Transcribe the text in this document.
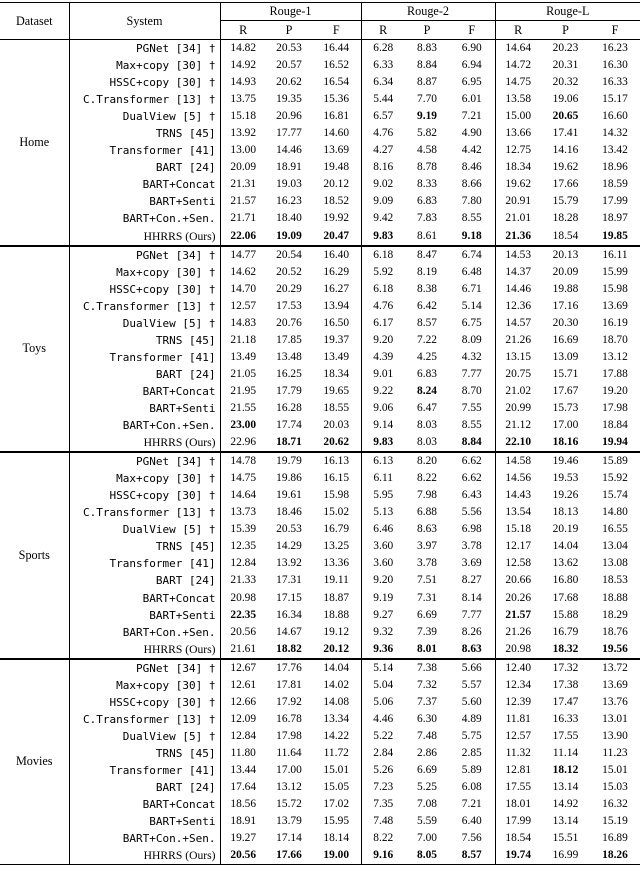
Dataset	System	Rouge-1			Rouge-2			Rouge-L		
		R	P	F	R	P	F	R	P	F
Home	PGNet [34] †	14.82	20.53	16.44	6.28	8.83	6.90	14.64	20.23	16.23
	Max+copy [30] †	14.92	20.57	16.52	6.33	8.84	6.94	14.72	20.31	16.30
	HSSC+copy [30] †	14.93	20.62	16.54	6.34	8.87	6.95	14.75	20.32	16.33
	C.Transformer [13] †	13.75	19.35	15.36	5.44	7.70	6.01	13.58	19.06	15.17
	DualView [5] †	15.18	20.96	16.81	6.57	9.19	7.21	15.00	20.65	16.60
	TRNS [45]	13.92	17.77	14.60	4.76	5.82	4.90	13.66	17.41	14.32
	Transformer [41]	13.00	14.46	13.69	4.27	4.58	4.42	12.75	14.16	13.42
	BART [24]	20.09	18.91	19.48	8.16	8.78	8.46	18.34	19.62	18.96
	BART+Concat	21.31	19.03	20.12	9.02	8.33	8.66	19.62	17.66	18.59
	BART+Senti	21.57	16.23	18.52	9.09	6.83	7.80	20.91	15.79	17.99
	BART+Con.+Sen.	21.71	18.40	19.92	9.42	7.83	8.55	21.01	18.28	18.97
	HHRRS (Ours)	22.06	19.09	20.47	9.83	8.61	9.18	21.36	18.54	19.85
Toys	PGNet [34] †	14.77	20.54	16.40	6.18	8.47	6.74	14.53	20.13	16.11
	Max+copy [30] †	14.62	20.52	16.29	5.92	8.19	6.48	14.37	20.09	15.99
	HSSC+copy [30] †	14.70	20.29	16.27	6.18	8.38	6.71	14.46	19.88	15.98
	C.Transformer [13] †	12.57	17.53	13.94	4.76	6.42	5.14	12.36	17.16	13.69
	DualView [5] †	14.83	20.76	16.50	6.17	8.57	6.75	14.57	20.30	16.19
	TRNS [45]	21.18	17.85	19.37	9.20	7.22	8.09	21.26	16.69	18.70
	Transformer [41]	13.49	13.48	13.49	4.39	4.25	4.32	13.15	13.09	13.12
	BART [24]	21.05	16.25	18.34	9.01	6.83	7.77	20.75	15.71	17.88
	BART+Concat	21.95	17.79	19.65	9.22	8.24	8.70	21.02	17.67	19.20
	BART+Senti	21.55	16.28	18.55	9.06	6.47	7.55	20.99	15.73	17.98
	BART+Con.+Sen.	23.00	17.74	20.03	9.14	8.03	8.55	21.12	17.00	18.84
	HHRRS (Ours)	22.96	18.71	20.62	9.83	8.03	8.84	22.10	18.16	19.94
Sports	PGNet [34] †	14.78	19.79	16.13	6.13	8.20	6.62	14.58	19.46	15.89
	Max+copy [30] †	14.75	19.86	16.15	6.11	8.22	6.62	14.56	19.53	15.92
	HSSC+copy [30] †	14.64	19.61	15.98	5.95	7.98	6.43	14.43	19.26	15.74
	C.Transformer [13] †	13.73	18.46	15.02	5.13	6.88	5.56	13.54	18.13	14.80
	DualView [5] †	15.39	20.53	16.79	6.46	8.63	6.98	15.18	20.19	16.55
	TRNS [45]	12.35	14.29	13.25	3.60	3.97	3.78	12.17	14.04	13.04
	Transformer [41]	12.84	13.92	13.36	3.60	3.78	3.69	12.58	13.62	13.08
	BART [24]	21.33	17.31	19.11	9.20	7.51	8.27	20.66	16.80	18.53
	BART+Concat	20.98	17.15	18.87	9.19	7.31	8.14	20.26	17.68	18.88
	BART+Senti	22.35	16.34	18.88	9.27	6.69	7.77	21.57	15.88	18.29
	BART+Con.+Sen.	20.56	14.67	19.12	9.32	7.39	8.26	21.26	16.79	18.76
	HHRRS (Ours)	21.61	18.82	20.12	9.36	8.01	8.63	20.98	18.32	19.56
Movies	PGNet [34] †	12.67	17.76	14.04	5.14	7.38	5.66	12.40	17.32	13.72
	Max+copy [30] †	12.61	17.81	14.02	5.04	7.32	5.57	12.34	17.38	13.69
	HSSC+copy [30] †	12.66	17.92	14.08	5.06	7.37	5.60	12.39	17.47	13.76
	C.Transformer [13] †	12.09	16.78	13.34	4.46	6.30	4.89	11.81	16.33	13.01
	DualView [5] †	12.84	17.98	14.22	5.22	7.48	5.75	12.57	17.55	13.90
	TRNS [45]	11.80	11.64	11.72	2.84	2.86	2.85	11.32	11.14	11.23
	Transformer [41]	13.44	17.00	15.01	5.26	6.69	5.89	12.81	18.12	15.01
	BART [24]	17.64	13.12	15.05	7.23	5.25	6.08	17.55	13.14	15.03
	BART+Concat	18.56	15.72	17.02	7.35	7.08	7.21	18.01	14.92	16.32
	BART+Senti	18.91	13.79	15.95	7.48	5.59	6.40	17.99	13.14	15.19
	BART+Con.+Sen.	19.27	17.14	18.14	8.22	7.00	7.56	18.54	15.51	16.89
	HHRRS (Ours)	20.56	17.66	19.00	9.16	8.05	8.57	19.74	16.99	18.26
